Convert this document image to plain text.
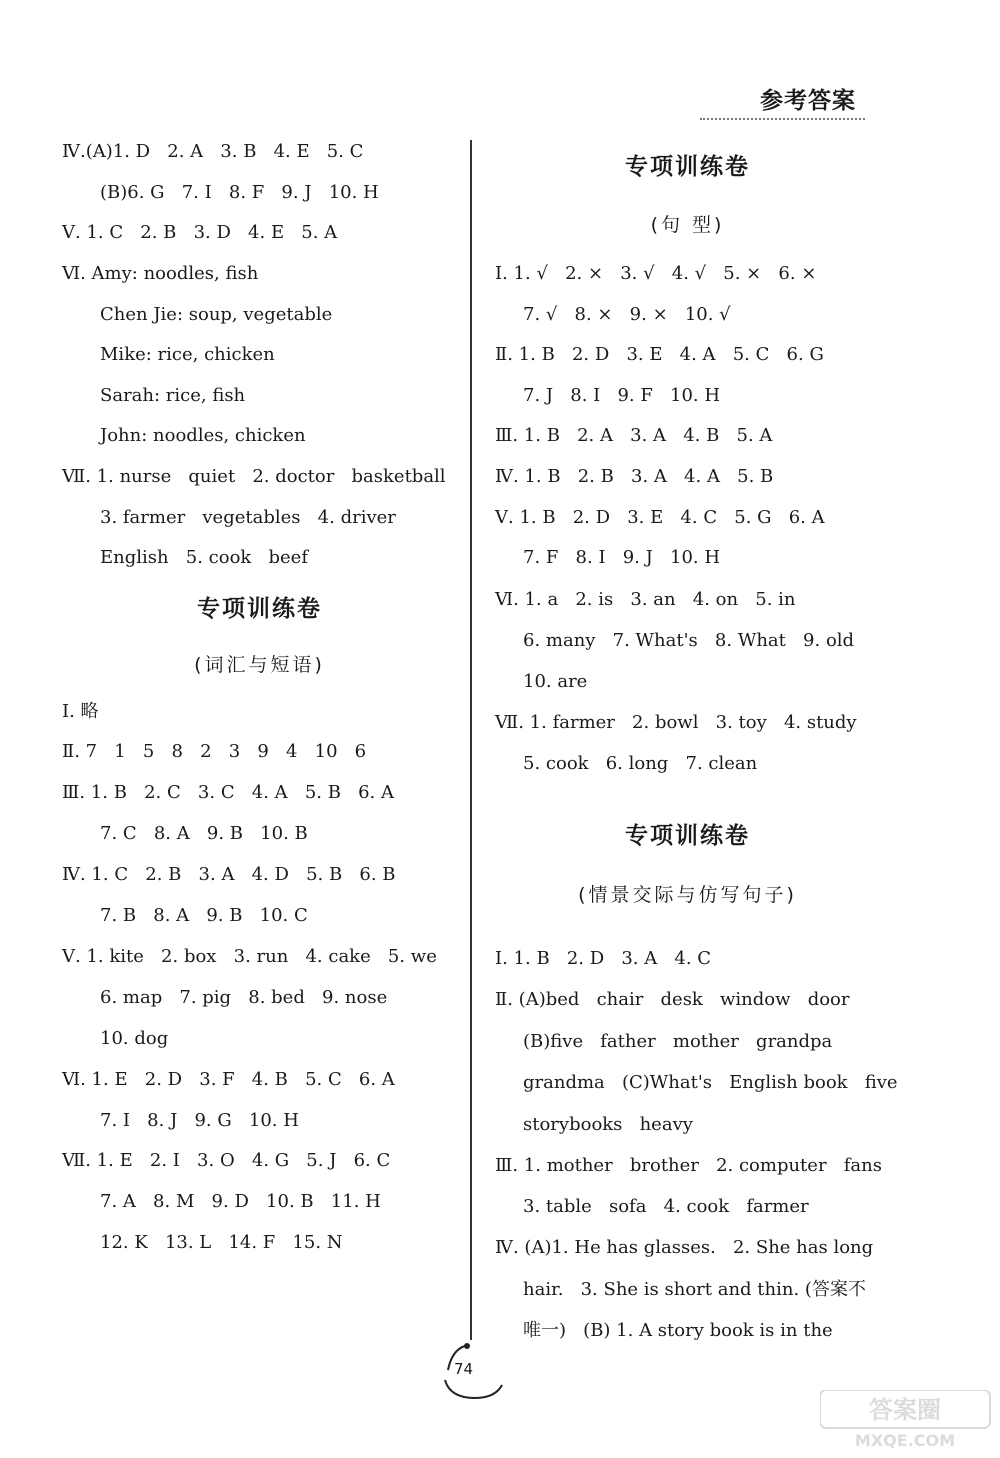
参考答案
Ⅳ.(A)1. D   2. A   3. B   4. E   5. C
(B)6. G   7. I   8. F   9. J   10. H
Ⅴ. 1. C   2. B   3. D   4. E   5. A
Ⅵ. Amy: noodles, fish
Chen Jie: soup, vegetable
Mike: rice, chicken
Sarah: rice, fish
John: noodles, chicken
Ⅶ. 1. nurse   quiet   2. doctor   basketball
3. farmer   vegetables   4. driver
English   5. cook   beef
专项训练卷
(词汇与短语)
Ⅰ. 略
Ⅱ. 7   1   5   8   2   3   9   4   10   6
Ⅲ. 1. B   2. C   3. C   4. A   5. B   6. A
7. C   8. A   9. B   10. B
Ⅳ. 1. C   2. B   3. A   4. D   5. B   6. B
7. B   8. A   9. B   10. C
Ⅴ. 1. kite   2. box   3. run   4. cake   5. we
6. map   7. pig   8. bed   9. nose
10. dog
Ⅵ. 1. E   2. D   3. F   4. B   5. C   6. A
7. I   8. J   9. G   10. H
Ⅶ. 1. E   2. I   3. O   4. G   5. J   6. C
7. A   8. M   9. D   10. B   11. H
12. K   13. L   14. F   15. N
专项训练卷
(句 型)
Ⅰ. 1. √   2. ×   3. √   4. √   5. ×   6. ×
7. √   8. ×   9. ×   10. √
Ⅱ. 1. B   2. D   3. E   4. A   5. C   6. G
7. J   8. I   9. F   10. H
Ⅲ. 1. B   2. A   3. A   4. B   5. A
Ⅳ. 1. B   2. B   3. A   4. A   5. B
Ⅴ. 1. B   2. D   3. E   4. C   5. G   6. A
7. F   8. I   9. J   10. H
Ⅵ. 1. a   2. is   3. an   4. on   5. in
6. many   7. What's   8. What   9. old
10. are
Ⅶ. 1. farmer   2. bowl   3. toy   4. study
5. cook   6. long   7. clean
专项训练卷
(情景交际与仿写句子)
Ⅰ. 1. B   2. D   3. A   4. C
Ⅱ. (A)bed   chair   desk   window   door
(B)five   father   mother   grandpa
grandma   (C)What's   English book   five
storybooks   heavy
Ⅲ. 1. mother   brother   2. computer   fans
3. table   sofa   4. cook   farmer
Ⅳ. (A)1. He has glasses.   2. She has long
hair.   3. She is short and thin. (答案不
唯一)   (B) 1. A story book is in the
74
答案圈
MXQE.COM
